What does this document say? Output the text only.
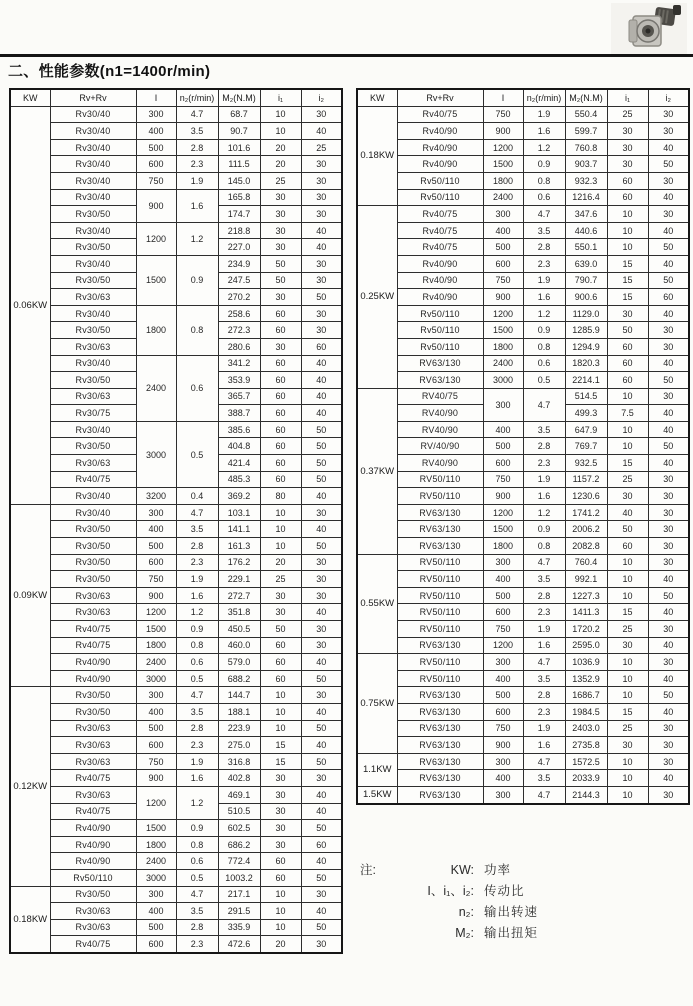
二、性能参数(n1=1400r/min)
KW	Rv+Rv	I	n₂(r/min)	M₂(N.M)	i₁	i₂
0.06KW	Rv30/40	300	4.7	68.7	10	30
	Rv30/40	400	3.5	90.7	10	40
	Rv30/40	500	2.8	101.6	20	25
	Rv30/40	600	2.3	111.5	20	30
	Rv30/40	750	1.9	145.0	25	30
	Rv30/40	900	1.6	165.8	30	30
	Rv30/50			174.7	30	30
	Rv30/40	1200	1.2	218.8	30	40
	Rv30/50			227.0	30	40
	Rv30/40	1500	0.9	234.9	50	30
	Rv30/50			247.5	50	30
	Rv30/63			270.2	30	50
	Rv30/40	1800	0.8	258.6	60	30
	Rv30/50			272.3	60	30
	Rv30/63			280.6	30	60
	Rv30/40	2400	0.6	341.2	60	40
	Rv30/50			353.9	60	40
	Rv30/63			365.7	60	40
	Rv30/75			388.7	60	40
	Rv30/40	3000	0.5	385.6	60	50
	Rv30/50			404.8	60	50
	Rv30/63			421.4	60	50
	Rv40/75			485.3	60	50
	Rv30/40	3200	0.4	369.2	80	40
0.09KW	Rv30/40	300	4.7	103.1	10	30
	Rv30/50	400	3.5	141.1	10	40
	Rv30/50	500	2.8	161.3	10	50
	Rv30/50	600	2.3	176.2	20	30
	Rv30/50	750	1.9	229.1	25	30
	Rv30/63	900	1.6	272.7	30	30
	Rv30/63	1200	1.2	351.8	30	40
	Rv40/75	1500	0.9	450.5	50	30
	Rv40/75	1800	0.8	460.0	60	30
	Rv40/90	2400	0.6	579.0	60	40
	Rv40/90	3000	0.5	688.2	60	50
0.12KW	Rv30/50	300	4.7	144.7	10	30
	Rv30/50	400	3.5	188.1	10	40
	Rv30/63	500	2.8	223.9	10	50
	Rv30/63	600	2.3	275.0	15	40
	Rv30/63	750	1.9	316.8	15	50
	Rv40/75	900	1.6	402.8	30	30
	Rv30/63	1200	1.2	469.1	30	40
	Rv40/75			510.5	30	40
	Rv40/90	1500	0.9	602.5	30	50
	Rv40/90	1800	0.8	686.2	30	60
	Rv40/90	2400	0.6	772.4	60	40
	Rv50/110	3000	0.5	1003.2	60	50
0.18KW	Rv30/50	300	4.7	217.1	10	30
	Rv30/63	400	3.5	291.5	10	40
	Rv30/63	500	2.8	335.9	10	50
	Rv40/75	600	2.3	472.6	20	30
KW	Rv+Rv	I	n₂(r/min)	M₂(N.M)	i₁	i₂
0.18KW	Rv40/75	750	1.9	550.4	25	30
	Rv40/90	900	1.6	599.7	30	30
	Rv40/90	1200	1.2	760.8	30	40
	Rv40/90	1500	0.9	903.7	30	50
	Rv50/110	1800	0.8	932.3	60	30
	Rv50/110	2400	0.6	1216.4	60	40
0.25KW	Rv40/75	300	4.7	347.6	10	30
	Rv40/75	400	3.5	440.6	10	40
	Rv40/75	500	2.8	550.1	10	50
	Rv40/90	600	2.3	639.0	15	40
	Rv40/90	750	1.9	790.7	15	50
	Rv40/90	900	1.6	900.6	15	60
	Rv50/110	1200	1.2	1129.0	30	40
	Rv50/110	1500	0.9	1285.9	50	30
	Rv50/110	1800	0.8	1294.9	60	30
	RV63/130	2400	0.6	1820.3	60	40
	RV63/130	3000	0.5	2214.1	60	50
0.37KW	RV40/75	300	4.7	514.5	10	30
	RV40/90			499.3	7.5	40
	RV40/90	400	3.5	647.9	10	40
	RV/40/90	500	2.8	769.7	10	50
	RV40/90	600	2.3	932.5	15	40
	RV50/110	750	1.9	1157.2	25	30
	RV50/110	900	1.6	1230.6	30	30
	RV63/130	1200	1.2	1741.2	40	30
	RV63/130	1500	0.9	2006.2	50	30
	RV63/130	1800	0.8	2082.8	60	30
0.55KW	RV50/110	300	4.7	760.4	10	30
	RV50/110	400	3.5	992.1	10	40
	RV50/110	500	2.8	1227.3	10	50
	RV50/110	600	2.3	1411.3	15	40
	RV50/110	750	1.9	1720.2	25	30
	RV63/130	1200	1.6	2595.0	30	40
0.75KW	RV50/110	300	4.7	1036.9	10	30
	RV50/110	400	3.5	1352.9	10	40
	RV63/130	500	2.8	1686.7	10	50
	RV63/130	600	2.3	1984.5	15	40
	RV63/130	750	1.9	2403.0	25	30
	RV63/130	900	1.6	2735.8	30	30
1.1KW	RV63/130	300	4.7	1572.5	10	30
	RV63/130	400	3.5	2033.9	10	40
1.5KW	RV63/130	300	4.7	2144.3	10	30
注:	KW: 功率
I、i₁、i₂: 传动比
n₂: 输出转速
M₂: 输出扭矩
